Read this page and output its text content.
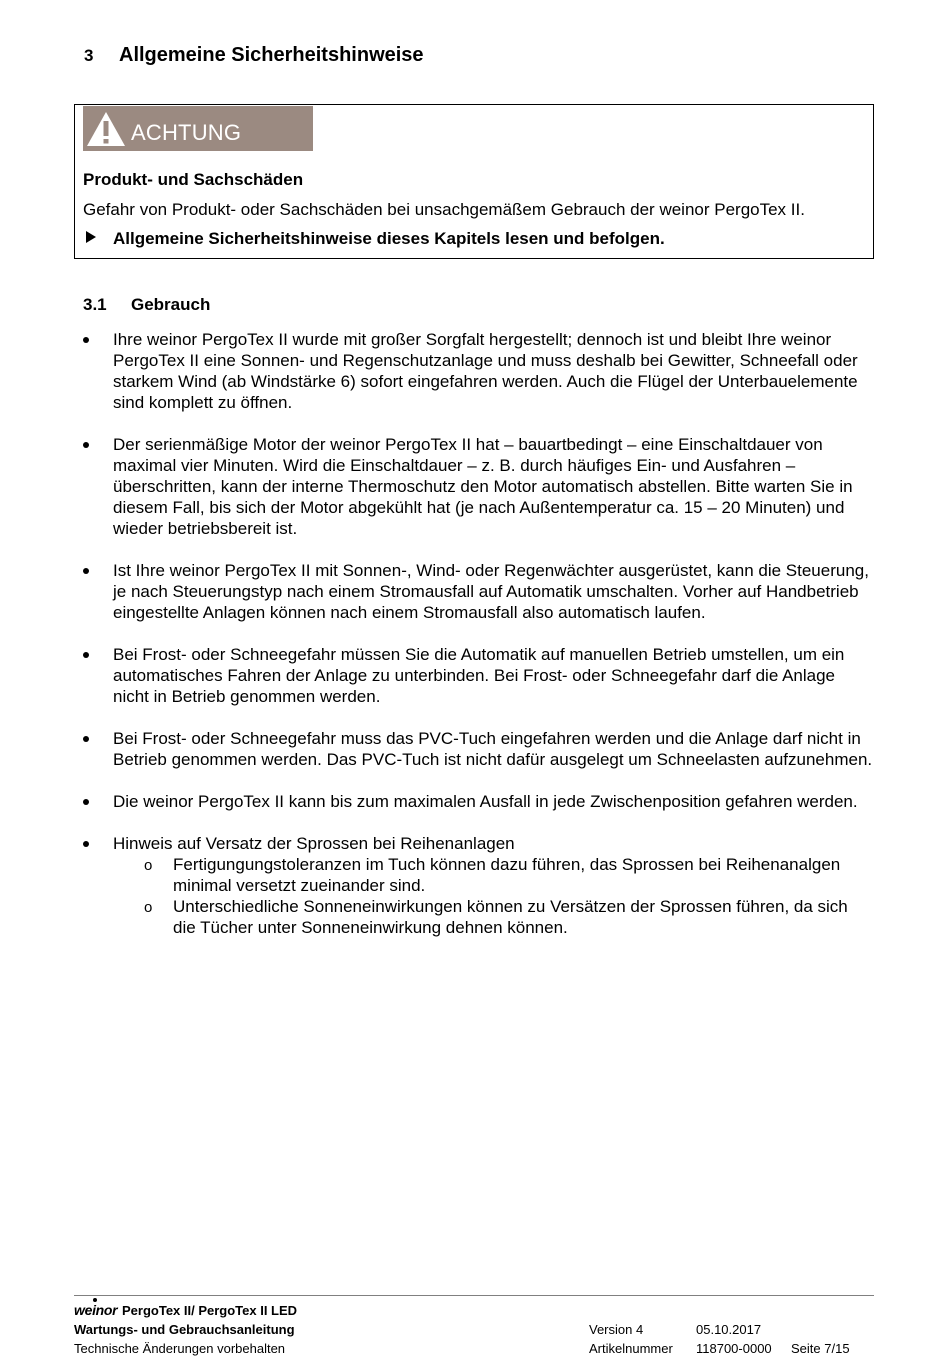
3 Allgemeine Sicherheitshinweise
ACHTUNG
Produkt- und Sachschäden
Gefahr von Produkt- oder Sachschäden bei unsachgemäßem Gebrauch der weinor PergoTex II.
Allgemeine Sicherheitshinweise dieses Kapitels lesen und befolgen.
3.1 Gebrauch
Ihre weinor PergoTex II wurde mit großer Sorgfalt hergestellt; dennoch ist und bleibt Ihre weinor PergoTex II eine Sonnen- und Regenschutzanlage und muss deshalb bei Gewitter, Schneefall oder starkem Wind (ab Windstärke 6) sofort eingefahren werden. Auch die Flügel der Unterbauelemente sind komplett zu öffnen.
Der serienmäßige Motor der weinor PergoTex II hat – bauartbedingt – eine Einschaltdauer von maximal vier Minuten. Wird die Einschaltdauer – z. B. durch häufiges Ein- und Ausfahren – überschritten, kann der interne Thermoschutz den Motor automatisch abstellen. Bitte warten Sie in diesem Fall, bis sich der Motor abgekühlt hat (je nach Außentemperatur ca. 15 – 20 Minuten) und wieder betriebsbereit ist.
Ist Ihre weinor PergoTex II mit Sonnen-, Wind- oder Regenwächter ausgerüstet, kann die Steuerung, je nach Steuerungstyp nach einem Stromausfall auf Automatik umschalten. Vorher auf Handbetrieb eingestellte Anlagen können nach einem Stromausfall also automatisch laufen.
Bei Frost- oder Schneegefahr müssen Sie die Automatik auf manuellen Betrieb umstellen, um ein automatisches Fahren der Anlage zu unterbinden. Bei Frost- oder Schneegefahr darf die Anlage nicht in Betrieb genommen werden.
Bei Frost- oder Schneegefahr muss das PVC-Tuch eingefahren werden und die Anlage darf nicht in Betrieb genommen werden. Das PVC-Tuch ist nicht dafür ausgelegt um Schneelasten aufzunehmen.
Die weinor PergoTex II kann bis zum maximalen Ausfall in jede Zwischenposition gefahren werden.
Hinweis auf Versatz der Sprossen bei Reihenanlagen
o Fertigungungstoleranzen im Tuch können dazu führen, das Sprossen bei Reihenanalgen minimal versetzt zueinander sind.
o Unterschiedliche Sonneneinwirkungen können zu Versätzen der Sprossen führen, da sich die Tücher unter Sonneneinwirkung dehnen können.
weinor PergoTex II/ PergoTex II LED
Wartungs- und Gebrauchsanleitung
Technische Änderungen vorbehalten
Version 4	05.10.2017
Artikelnummer 118700-0000 Seite 7/15
